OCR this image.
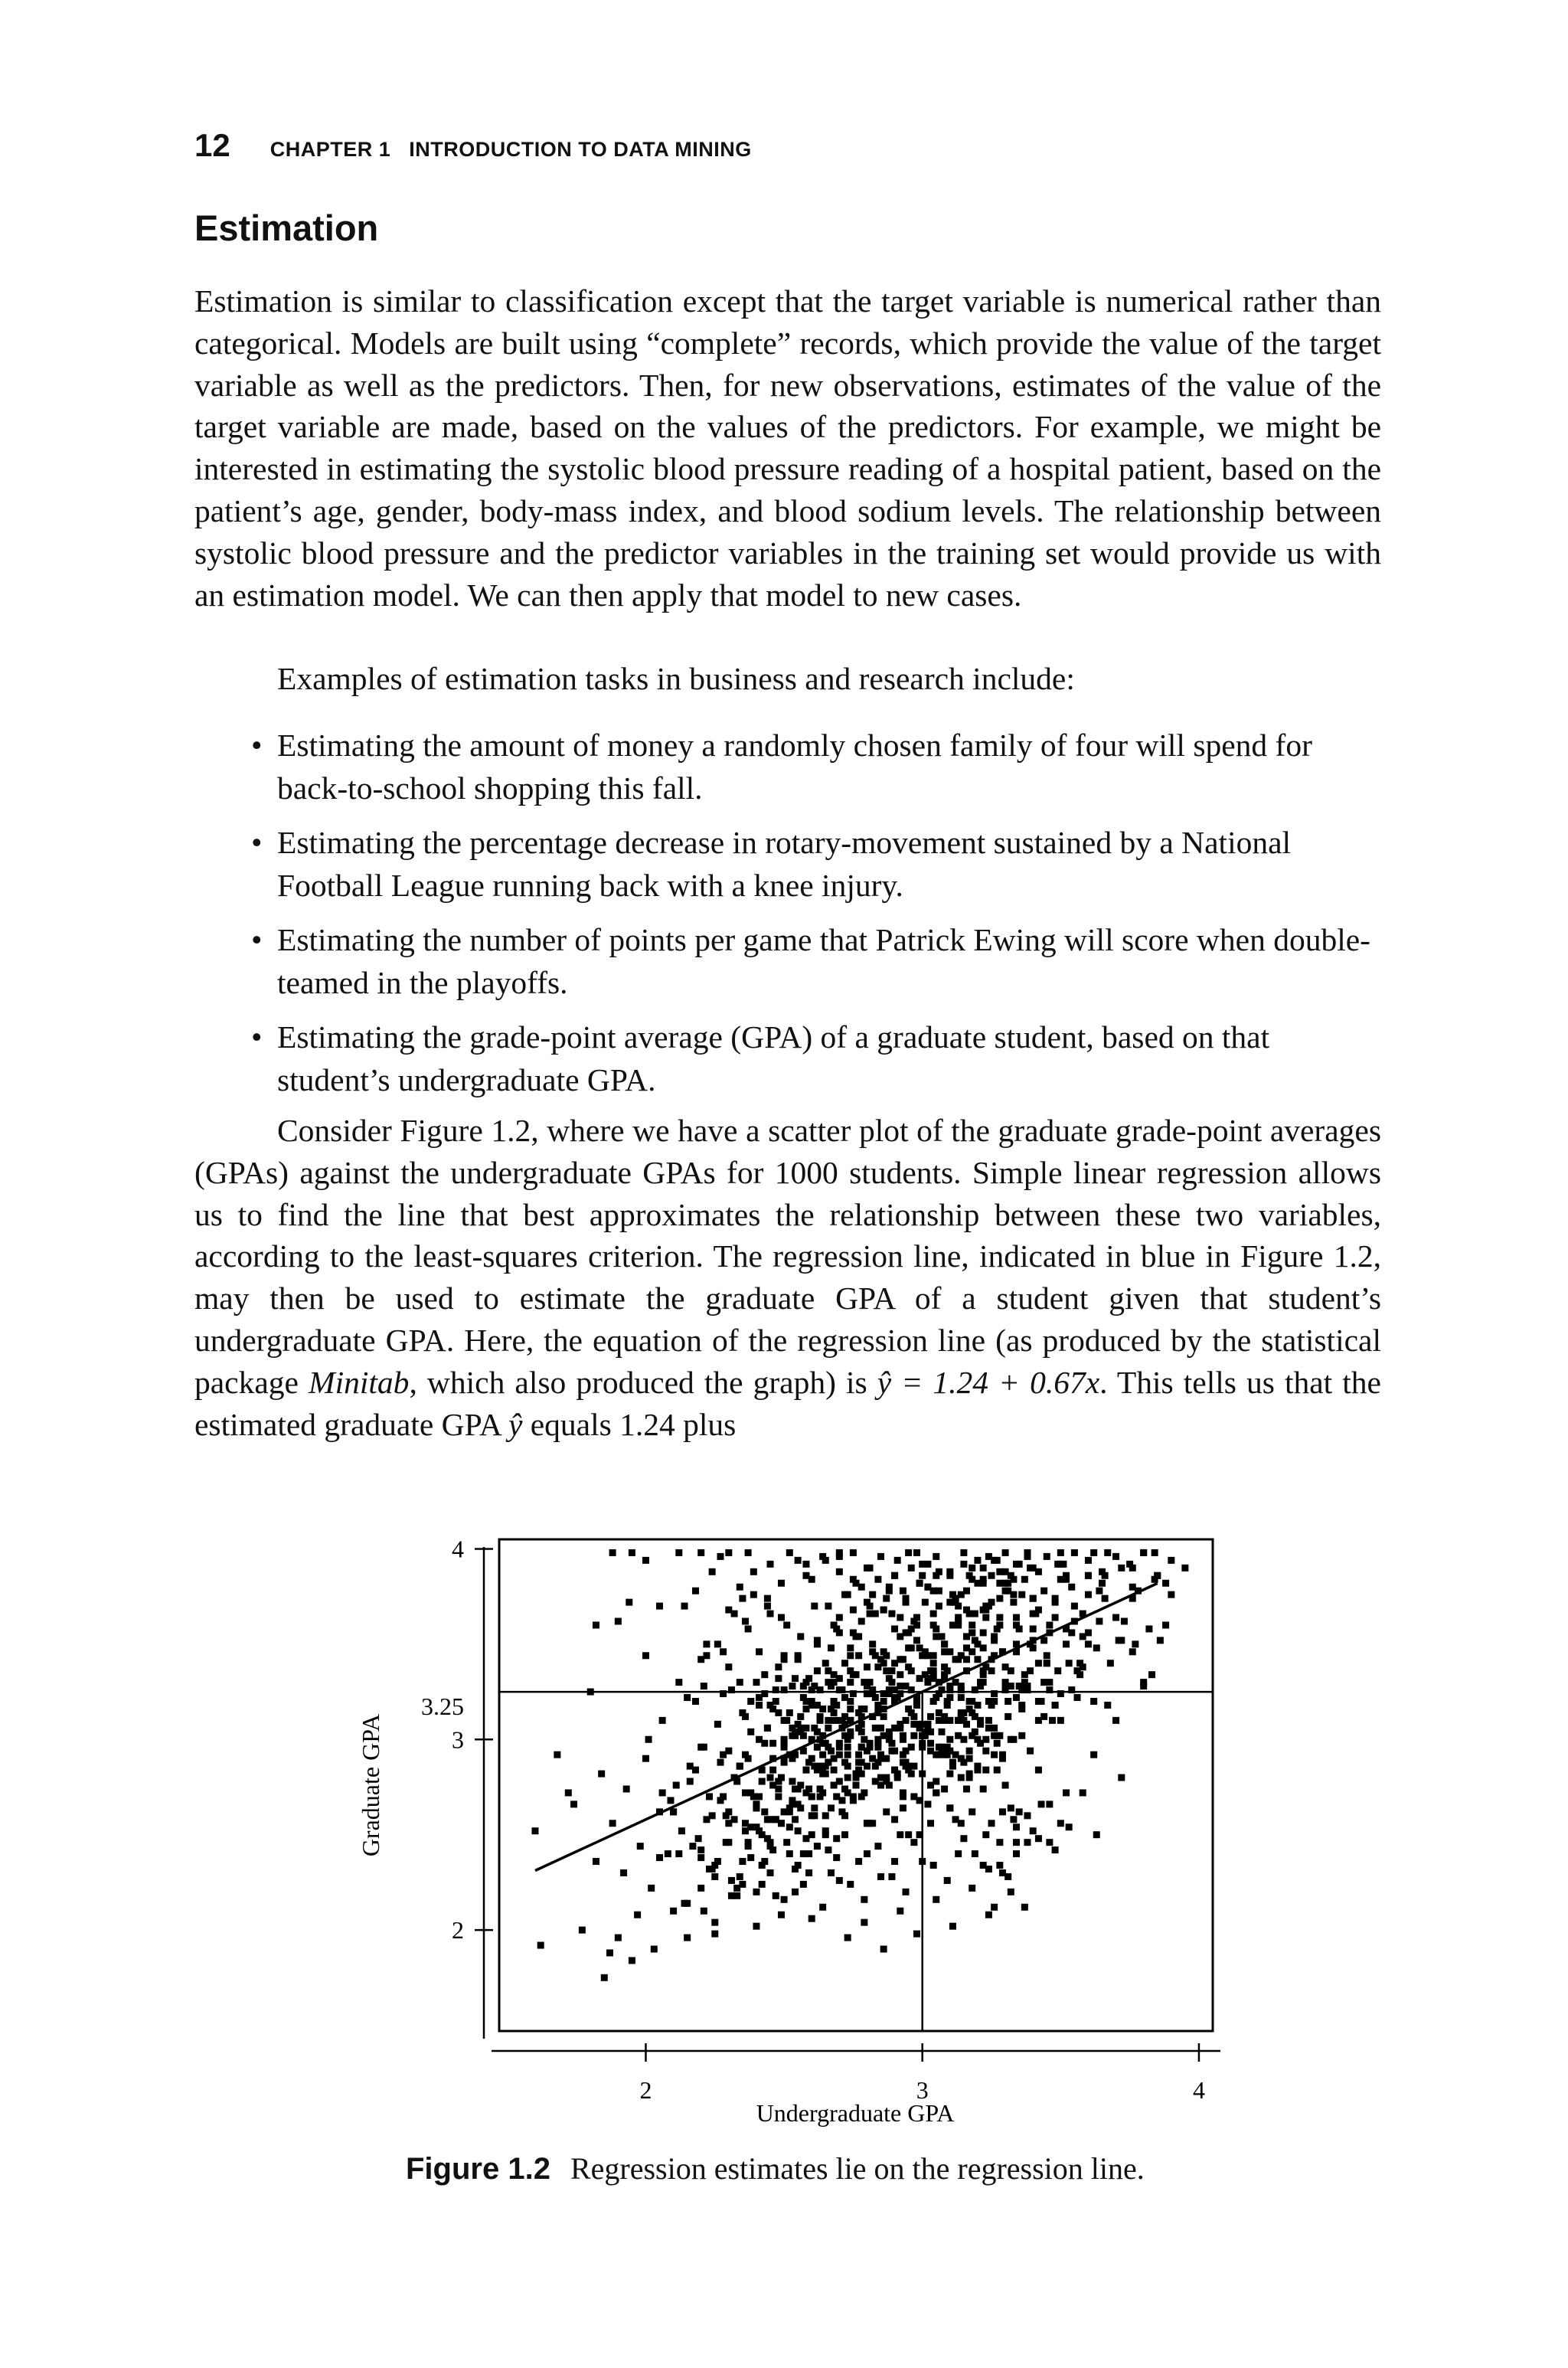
12 CHAPTER 1   INTRODUCTION TO DATA MINING
Estimation

Estimation is similar to classification except that the target variable is numerical rather than categorical. Models are built using “complete” records, which provide the value of the target variable as well as the predictors. Then, for new observations, estimates of the value of the target variable are made, based on the values of the predictors. For example, we might be interested in estimating the systolic blood pressure reading of a hospital patient, based on the patient’s age, gender, body-mass index, and blood sodium levels. The relationship between systolic blood pressure and the predictor variables in the training set would provide us with an estimation model. We can then apply that model to new cases.

Examples of estimation tasks in business and research include:

• Estimating the amount of money a randomly chosen family of four will spend for back-to-school shopping this fall.
• Estimating the percentage decrease in rotary-movement sustained by a National Football League running back with a knee injury.
• Estimating the number of points per game that Patrick Ewing will score when double-teamed in the playoffs.
• Estimating the grade-point average (GPA) of a graduate student, based on that student’s undergraduate GPA.

Consider Figure 1.2, where we have a scatter plot of the graduate grade-point averages (GPAs) against the undergraduate GPAs for 1000 students. Simple linear regression allows us to find the line that best approximates the relationship between these two variables, according to the least-squares criterion. The regression line, indicated in blue in Figure 1.2, may then be used to estimate the graduate GPA of a student given that student’s undergraduate GPA. Here, the equation of the regression line (as produced by the statistical package Minitab, which also produced the graph) is ŷ = 1.24 + 0.67x. This tells us that the estimated graduate GPA ŷ equals 1.24 plus

2	3	4
2
3
4
3.25
Undergraduate GPA
Graduate GPA
Figure 1.2 Regression estimates lie on the regression line.
